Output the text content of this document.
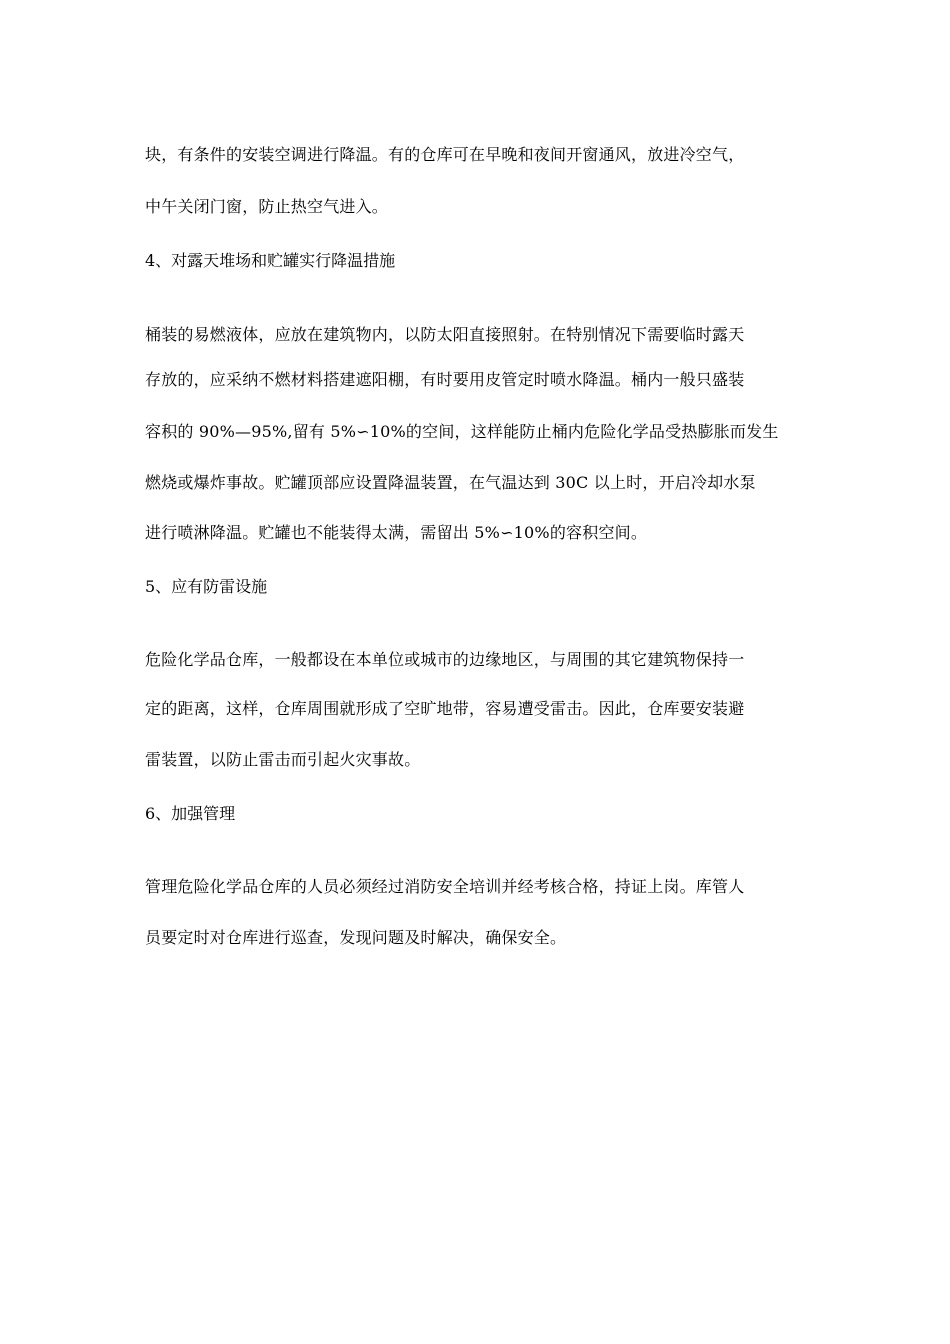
块，有条件的安装空调进行降温。有的仓库可在早晚和夜间开窗通风，放进冷空气，
中午关闭门窗，防止热空气进入。
4、对露天堆场和贮罐实行降温措施
桶装的易燃液体，应放在建筑物内，以防太阳直接照射。在特别情况下需要临时露天
存放的，应采纳不燃材料搭建遮阳棚，有时要用皮管定时喷水降温。桶内一般只盛装
容积的 90%—95%,留有 5%∽10%的空间，这样能防止桶内危险化学品受热膨胀而发生
燃烧或爆炸事故。贮罐顶部应设置降温装置，在气温达到 30C 以上时，开启冷却水泵
进行喷淋降温。贮罐也不能装得太满，需留出 5%∽10%的容积空间。
5、应有防雷设施
危险化学品仓库，一般都设在本单位或城市的边缘地区，与周围的其它建筑物保持一
定的距离，这样，仓库周围就形成了空旷地带，容易遭受雷击。因此，仓库要安装避
雷装置，以防止雷击而引起火灾事故。
6、加强管理
管理危险化学品仓库的人员必须经过消防安全培训并经考核合格，持证上岗。库管人
员要定时对仓库进行巡查，发现问题及时解决，确保安全。
